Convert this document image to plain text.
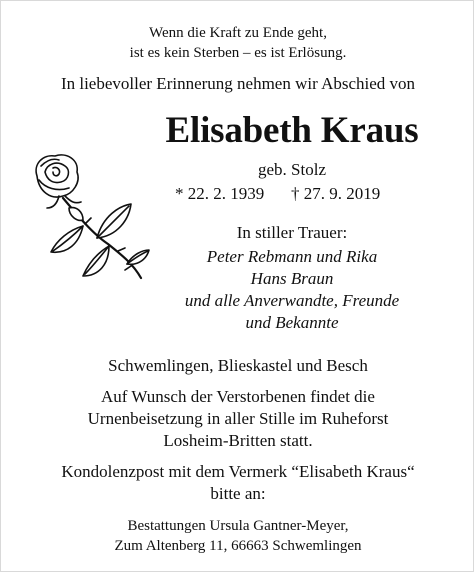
Wenn die Kraft zu Ende geht,
ist es kein Sterben – es ist Erlösung.
In liebevoller Erinnerung nehmen wir Abschied von
Elisabeth Kraus
geb. Stolz
* 22. 2. 1939 † 27. 9. 2019
In stiller Trauer:
Peter Rebmann und Rika
Hans Braun
und alle Anverwandte, Freunde
und Bekannte
Schwemlingen, Blieskastel und Besch
Auf Wunsch der Verstorbenen findet die
Urnenbeisetzung in aller Stille im Ruheforst
Losheim-Britten statt.
Kondolenzpost mit dem Vermerk “Elisabeth Kraus“
bitte an:
Bestattungen Ursula Gantner-Meyer,
Zum Altenberg 11, 66663 Schwemlingen
